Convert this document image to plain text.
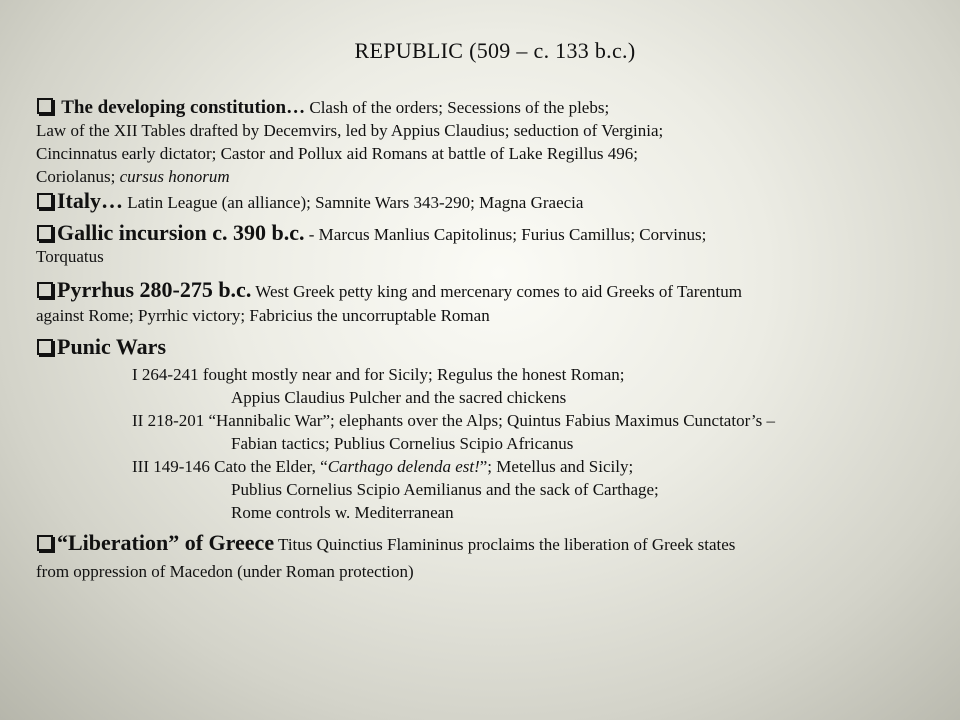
REPUBLIC (509 – c. 133 b.c.)
The developing constitution… Clash of the orders; Secessions of the plebs;
Law of the XII Tables drafted by Decemvirs, led by Appius Claudius; seduction of Verginia;
Cincinnatus early dictator; Castor and Pollux aid Romans at battle of Lake Regillus 496;
Coriolanus; cursus honorum
Italy… Latin League (an alliance); Samnite Wars 343-290; Magna Graecia
Gallic incursion c. 390 b.c. - Marcus Manlius Capitolinus; Furius Camillus; Corvinus;
Torquatus
Pyrrhus 280-275 b.c. West Greek petty king and mercenary comes to aid Greeks of Tarentum
against Rome; Pyrrhic victory; Fabricius the uncorruptable Roman
Punic Wars
I 264-241 fought mostly near and for Sicily; Regulus the honest Roman;
Appius Claudius Pulcher and the sacred chickens
II 218-201 “Hannibalic War”; elephants over the Alps; Quintus Fabius Maximus Cunctator’s –
Fabian tactics; Publius Cornelius Scipio Africanus
III 149-146 Cato the Elder, “Carthago delenda est!”; Metellus and Sicily;
Publius Cornelius Scipio Aemilianus and the sack of Carthage;
Rome controls w. Mediterranean
“Liberation” of Greece Titus Quinctius Flamininus proclaims the liberation of Greek states
from oppression of Macedon (under Roman protection)
